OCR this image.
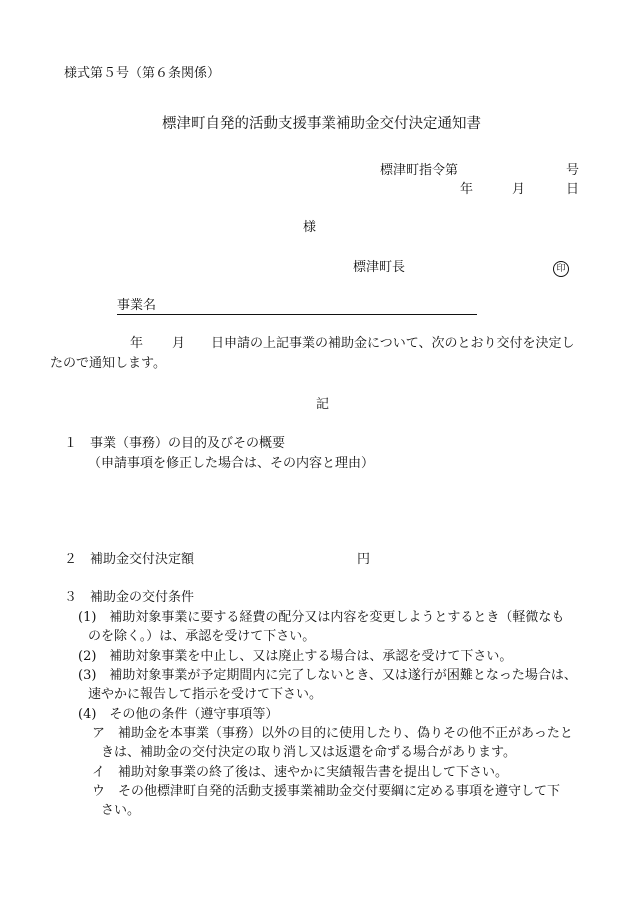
様式第５号（第６条関係）
標津町自発的活動支援事業補助金交付決定通知書
標津町指令第	号
年	月	日
様
標津町長	印
事業名
年 月 日申請の上記事業の補助金について、次のとおり交付を決定し
たので通知します。
記
１　事業（事務）の目的及びその概要
（申請事項を修正した場合は、その内容と理由）
２　補助金交付決定額	円
３　補助金の交付条件
(1)　補助対象事業に要する経費の配分又は内容を変更しようとするとき（軽微なも
のを除く。）は、承認を受けて下さい。
(2)　補助対象事業を中止し、又は廃止する場合は、承認を受けて下さい。
(3)　補助対象事業が予定期間内に完了しないとき、又は遂行が困難となった場合は、
速やかに報告して指示を受けて下さい。
(4)　その他の条件（遵守事項等）
ア　補助金を本事業（事務）以外の目的に使用したり、偽りその他不正があったと
きは、補助金の交付決定の取り消し又は返還を命ずる場合があります。
イ　補助対象事業の終了後は、速やかに実績報告書を提出して下さい。
ウ　その他標津町自発的活動支援事業補助金交付要綱に定める事項を遵守して下
さい。
